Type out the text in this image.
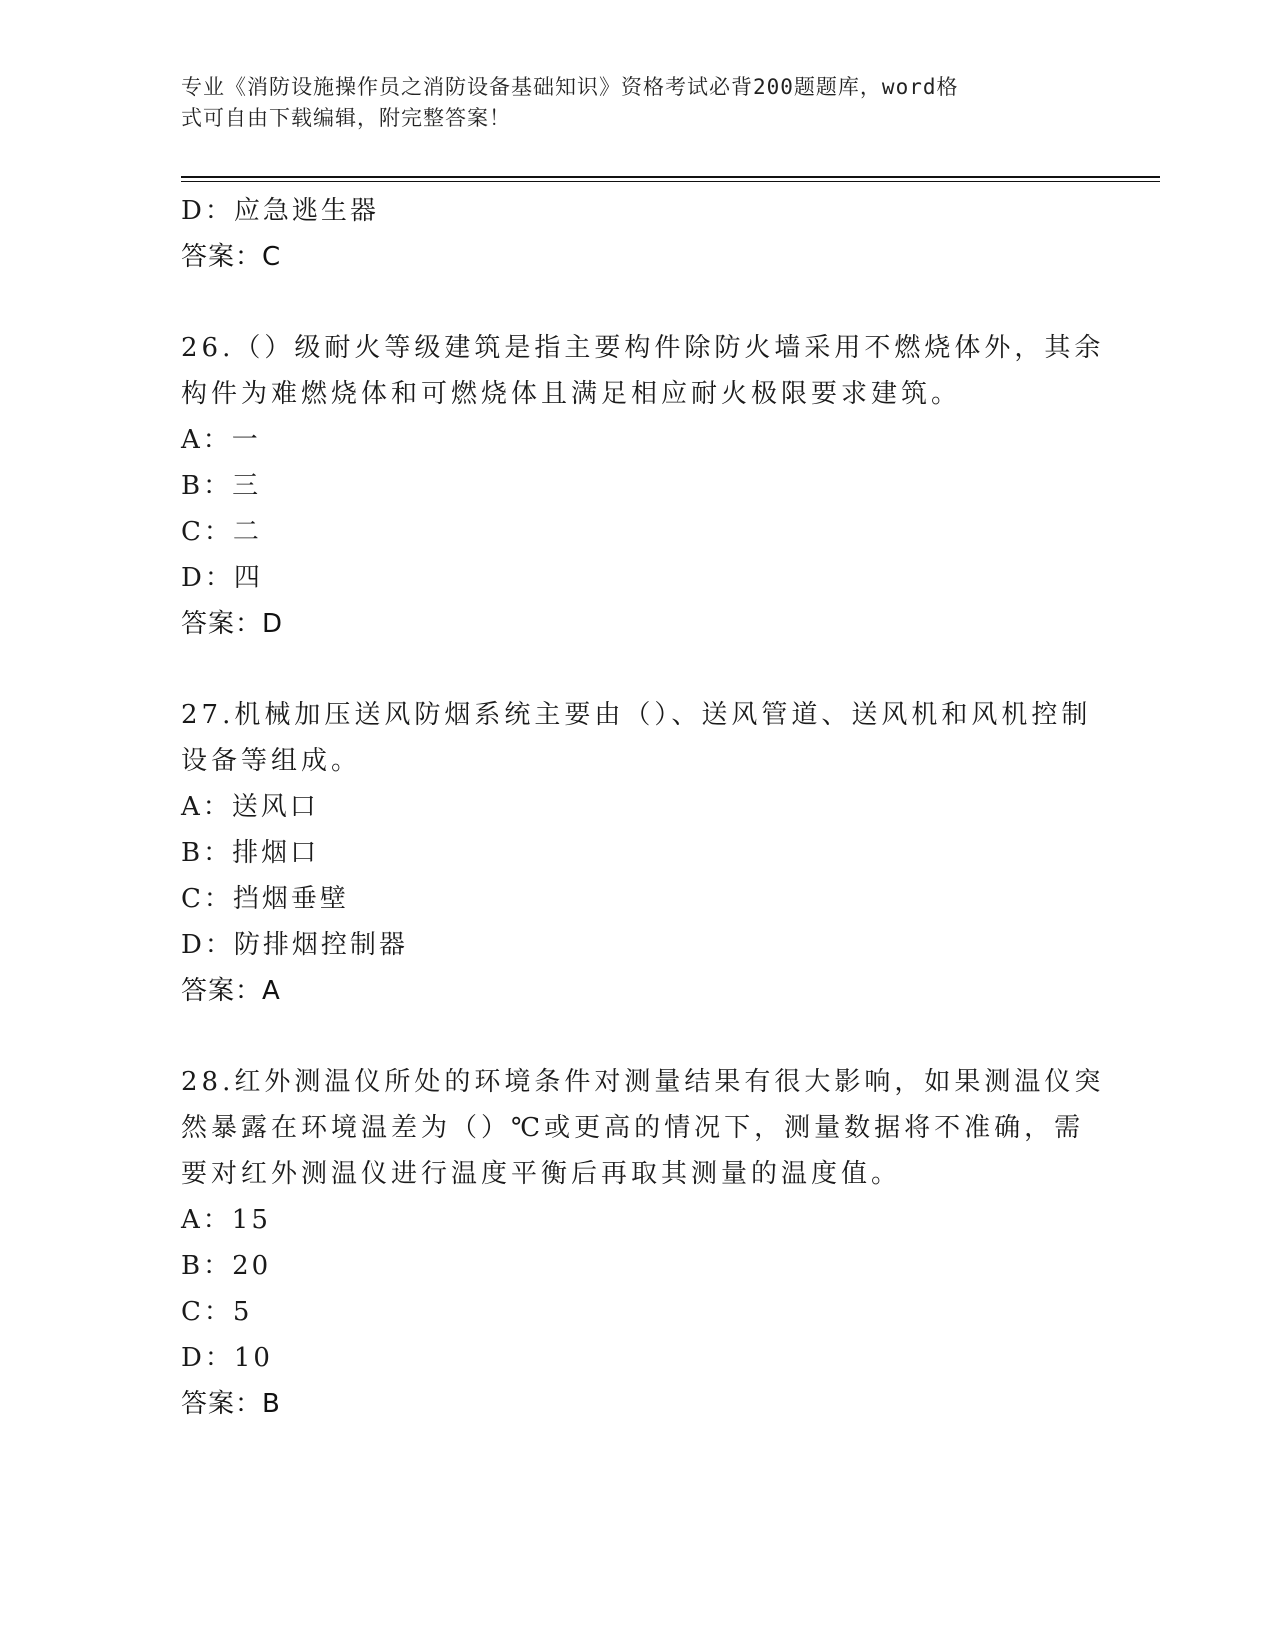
专业《消防设施操作员之消防设备基础知识》资格考试必背200题题库，word格
式可自由下载编辑，附完整答案！
D：应急逃生器
答案：C
26.（）级耐火等级建筑是指主要构件除防火墙采用不燃烧体外，其余
构件为难燃烧体和可燃烧体且满足相应耐火极限要求建筑。
A：一
B：三
C：二
D：四
答案：D
27.机械加压送风防烟系统主要由（）、送风管道、送风机和风机控制
设备等组成。
A：送风口
B：排烟口
C：挡烟垂壁
D：防排烟控制器
答案：A
28.红外测温仪所处的环境条件对测量结果有很大影响，如果测温仪突
然暴露在环境温差为（）℃或更高的情况下，测量数据将不准确，需
要对红外测温仪进行温度平衡后再取其测量的温度值。
A：15
B：20
C：5
D：10
答案：B
